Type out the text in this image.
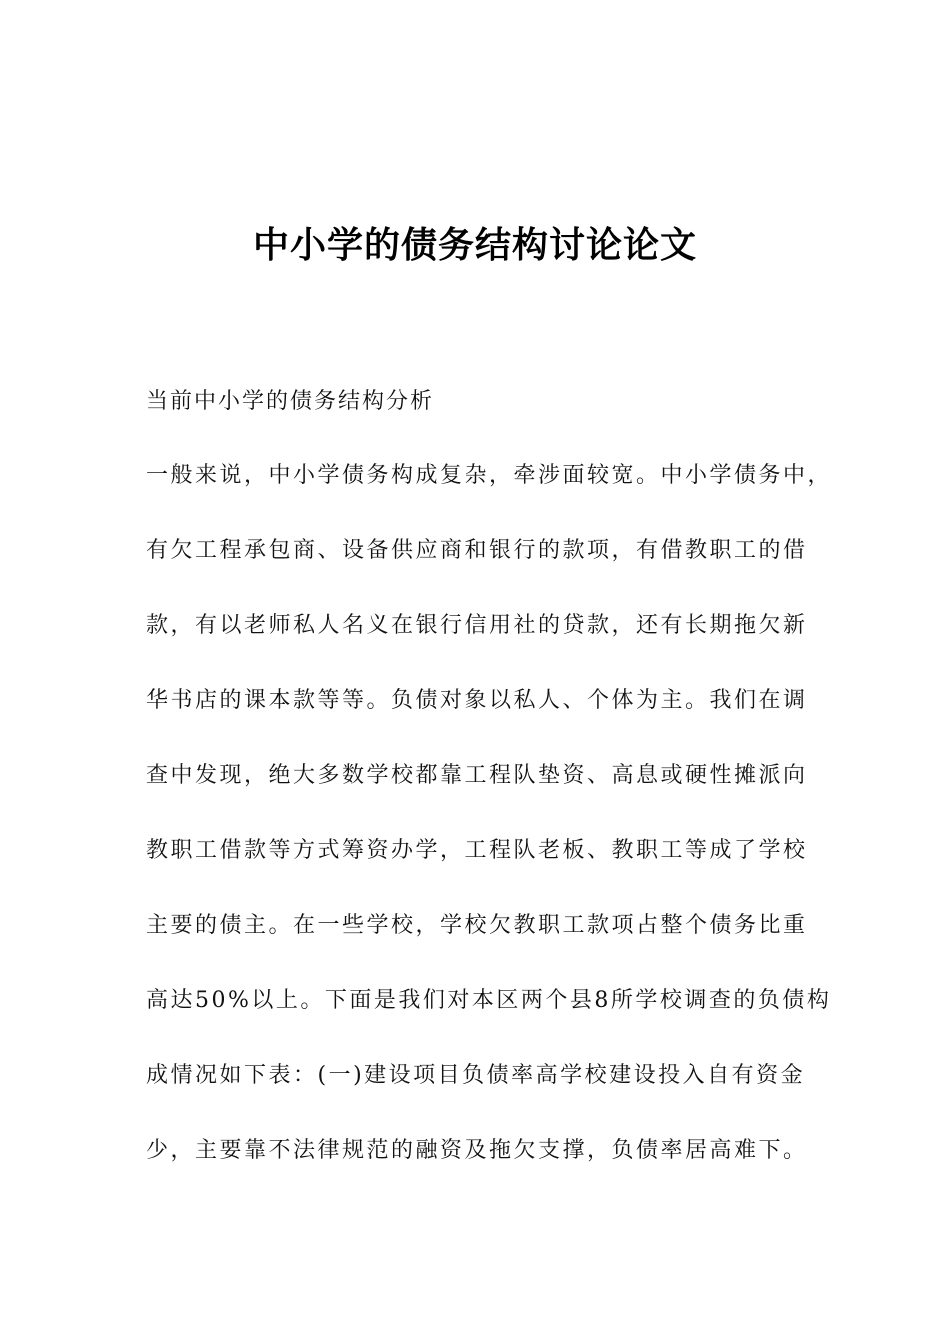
中小学的债务结构讨论论文
当前中小学的债务结构分析
一般来说，中小学债务构成复杂，牵涉面较宽。中小学债务中，
有欠工程承包商、设备供应商和银行的款项，有借教职工的借
款，有以老师私人名义在银行信用社的贷款，还有长期拖欠新
华书店的课本款等等。负债对象以私人、个体为主。我们在调
查中发现，绝大多数学校都靠工程队垫资、高息或硬性摊派向
教职工借款等方式筹资办学，工程队老板、教职工等成了学校
主要的债主。在一些学校，学校欠教职工款项占整个债务比重
高达50%以上。下面是我们对本区两个县8所学校调查的负债构
成情况如下表：(一)建设项目负债率高学校建设投入自有资金
少，主要靠不法律规范的融资及拖欠支撑，负债率居高难下。
